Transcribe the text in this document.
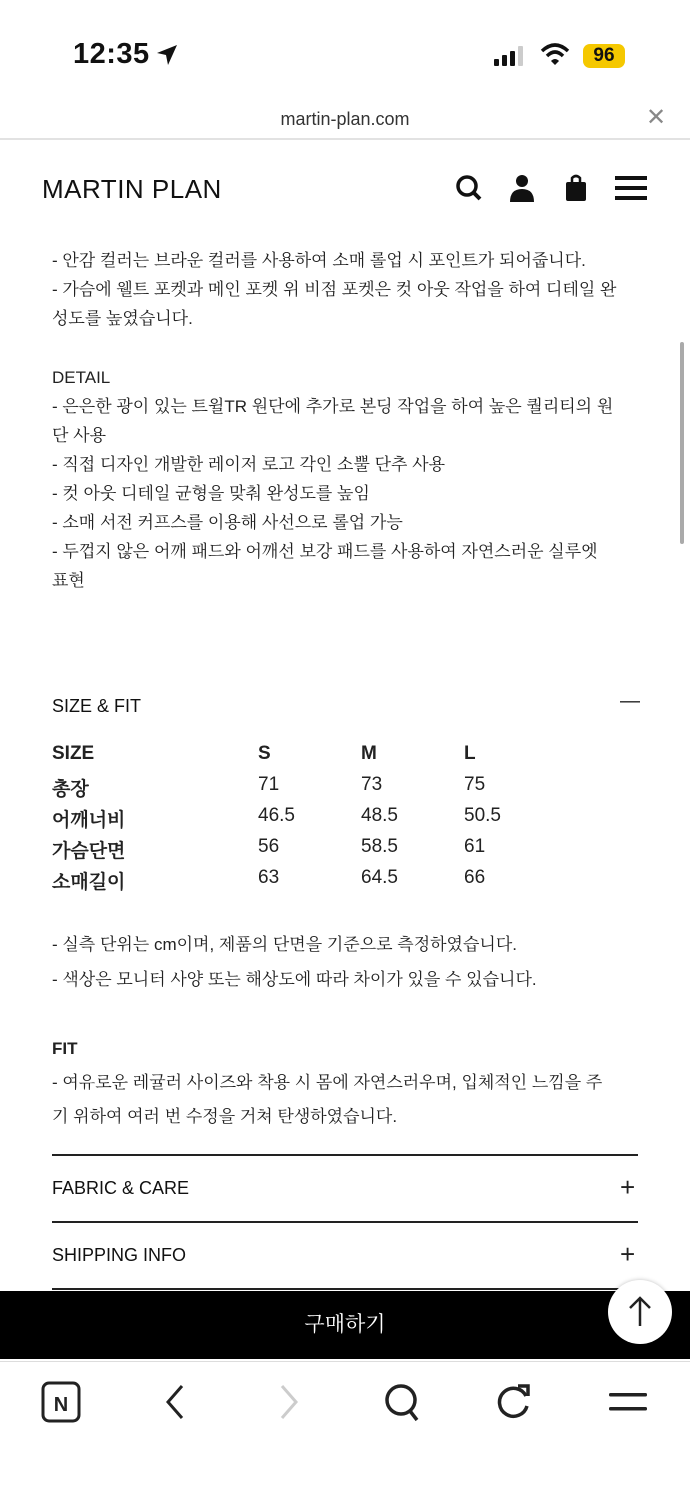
12:35	96
martin-plan.com	✕
MARTIN PLAN
- 안감 컬러는 브라운 컬러를 사용하여 소매 롤업 시 포인트가 되어줍니다.
- 가슴에 웰트 포켓과 메인 포켓 위 비점 포켓은 컷 아웃 작업을 하여 디테일 완
성도를 높였습니다.
DETAIL
- 은은한 광이 있는 트윌TR 원단에 추가로 본딩 작업을 하여 높은 퀄리티의 원
단 사용
- 직접 디자인 개발한 레이저 로고 각인 소뿔 단추 사용
- 컷 아웃 디테일 균형을 맞춰 완성도를 높임
- 소매 서전 커프스를 이용해 사선으로 롤업 가능
- 두껍지 않은 어깨 패드와 어깨선 보강 패드를 사용하여 자연스러운 실루엣
표현
SIZE & FIT	—
SIZE	S	M	L
총장	71	73	75
어깨너비	46.5	48.5	50.5
가슴단면	56	58.5	61
소매길이	63	64.5	66
- 실측 단위는 cm이며, 제품의 단면을 기준으로 측정하였습니다.
- 색상은 모니터 사양 또는 해상도에 따라 차이가 있을 수 있습니다.
FIT
- 여유로운 레귤러 사이즈와 착용 시 몸에 자연스러우며, 입체적인 느낌을 주
기 위하여 여러 번 수정을 거쳐 탄생하였습니다.
FABRIC & CARE	+
SHIPPING INFO	+
구매하기
N
